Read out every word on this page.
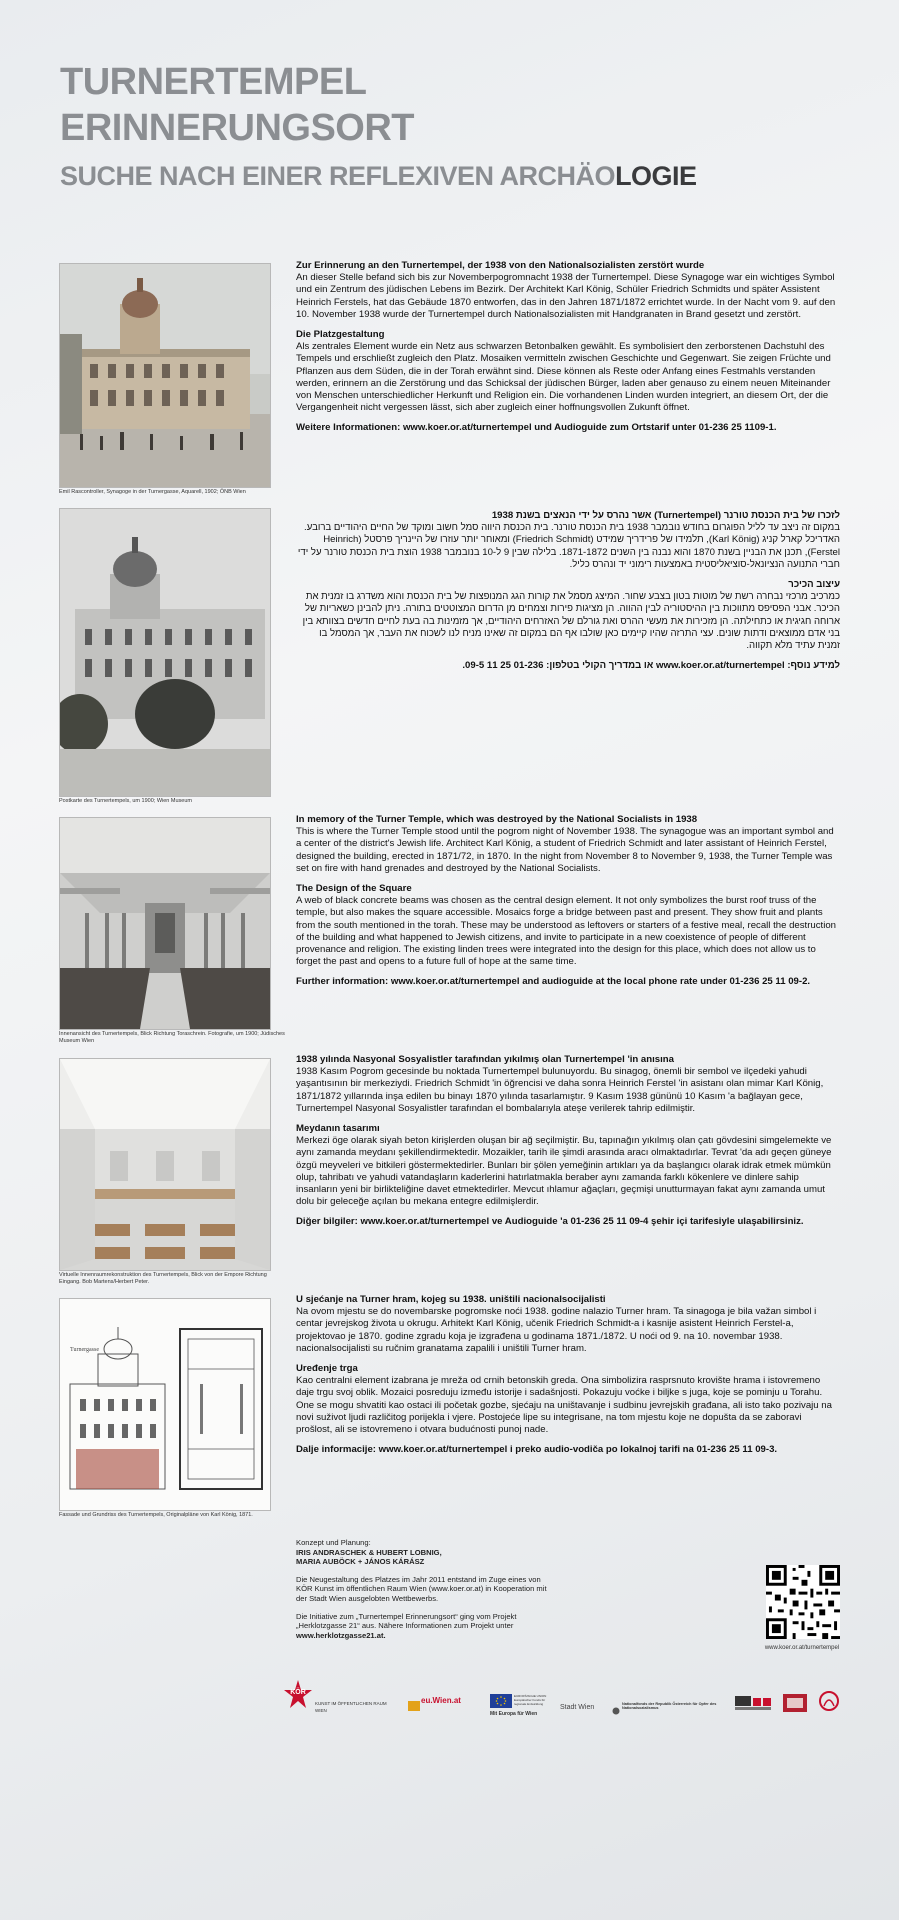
TURNERTEMPEL
ERINNERUNGSORT
SUCHE NACH EINER REFLEXIVEN ARCHÄOLOGIE
Emil Rascontroller, Synagoge in der Turnergasse, Aquarell, 1902; ÖNB Wien
Postkarte des Turnertempels, um 1900; Wien Museum
Innenansicht des Turnertempels, Blick Richtung Toraschrein. Fotografie, um 1900; Jüdisches Museum Wien
Virtuelle Innenraumrekonstruktion des Turnertempels, Blick von der Empore Richtung Eingang. Bob Martens/Herbert Peter.
Turnergasse
Fassade und Grundriss des Turnertempels, Originalpläne von Karl König, 1871.
Zur Erinnerung an den Turnertempel, der 1938 von den Nationalsozialisten zerstört wurde
An dieser Stelle befand sich bis zur Novemberpogromnacht 1938 der Turnertempel. Diese Synagoge war ein wichtiges Symbol und ein Zentrum des jüdischen Lebens im Bezirk. Der Architekt Karl König, Schüler Friedrich Schmidts und später Assistent Heinrich Ferstels, hat das Gebäude 1870 entworfen, das in den Jahren 1871/1872 errichtet wurde. In der Nacht vom 9. auf den 10. November 1938 wurde der Turnertempel durch Nationalsozialisten mit Handgranaten in Brand gesetzt und zerstört.
Die Platzgestaltung
Als zentrales Element wurde ein Netz aus schwarzen Betonbalken gewählt. Es symbolisiert den zerborstenen Dachstuhl des Tempels und erschließt zugleich den Platz. Mosaiken vermitteln zwischen Geschichte und Gegenwart. Sie zeigen Früchte und Pflanzen aus dem Süden, die in der Torah erwähnt sind. Diese können als Reste oder Anfang eines Festmahls verstanden werden, erinnern an die Zerstörung und das Schicksal der jüdischen Bürger, laden aber genauso zu einem neuen Miteinander von Menschen unterschiedlicher Herkunft und Religion ein. Die vorhandenen Linden wurden integriert, an diesem Ort, der die Vergangenheit nicht vergessen lässt, sich aber zugleich einer hoffnungsvollen Zukunft öffnet.
Weitere Informationen: www.koer.or.at/turnertempel und Audioguide zum Ortstarif unter 01-236 25 1109-1.
לזכרו של בית הכנסת טורנר (Turnertempel) אשר נהרס על ידי הנאצים בשנת 1938
במקום זה ניצב עד לליל הפוגרום בחודש נובמבר 1938 בית הכנסת טורנר. בית הכנסת היווה סמל חשוב ומוקד של החיים היהודיים ברובע. האדריכל קארל קניג (Karl König), תלמידו של פרידריך שמידט (Friedrich Schmidt) ומאוחר יותר עוזרו של היינריך פרסטל (Heinrich Ferstel), תכנן את הבניין בשנת 1870 והוא נבנה בין השנים 1871-1872. בלילה שבין 9 ל-10 בנובמבר 1938 הוצת בית הכנסת טורנר על ידי חברי התנועה הנציונאל-סוציאליסטית באמצעות רימוני יד ונהרס כליל.
עיצוב הכיכר
כמרכיב מרכזי נבחרה רשת של מוטות בטון בצבע שחור. המיצג מסמל את קורות הגג המנופצות של בית הכנסת והוא משדרג בו זמנית את הכיכר. אבני הפסיפס מתווכות בין ההיסטוריה לבין ההווה. הן מציגות פירות וצמחים מן הדרום המצוטטים בתורה. ניתן להבינן כשאריות של ארוחה חגיגית או כתחילתה. הן מזכירות את מעשי ההרס ואת גורלם של האזרחים היהודיים, אך מזמינות בה בעת לחיים חדשים בצוותא בין בני אדם ממוצאים ודתות שונים. עצי התרזה שהיו קיימים כאן שולבו אף הם במקום זה שאינו מניח לנו לשכוח את העבר, אך המסמל בו זמנית עתיד מלא תקווה.
למידע נוסף: www.koer.or.at/turnertempel או במדריך הקולי בטלפון: 01-236 25 11 09-5.
In memory of the Turner Temple, which was destroyed by the National Socialists in 1938
This is where the Turner Temple stood until the pogrom night of November 1938. The synagogue was an important symbol and a center of the district's Jewish life. Architect Karl König, a student of Friedrich Schmidt and later assistant of Heinrich Ferstel, designed the building, erected in 1871/72, in 1870. In the night from November 8 to November 9, 1938, the Turner Temple was set on fire with hand grenades and destroyed by the National Socialists.
The Design of the Square
A web of black concrete beams was chosen as the central design element. It not only symbolizes the burst roof truss of the temple, but also makes the square accessible. Mosaics forge a bridge between past and present. They show fruit and plants from the south mentioned in the torah. These may be understood as leftovers or starters of a festive meal, recall the destruction of the building and what happened to Jewish citizens, and invite to participate in a new coexistence of people of different provenance and religion. The existing linden trees were integrated into the design for this place, which does not allow us to forget the past and opens to a future full of hope at the same time.
Further information: www.koer.or.at/turnertempel and audioguide at the local phone rate under 01-236 25 11 09-2.
1938 yılında Nasyonal Sosyalistler tarafından yıkılmış olan Turnertempel 'in anısına
1938 Kasım Pogrom gecesinde bu noktada Turnertempel bulunuyordu. Bu sinagog, önemli bir sembol ve ilçedeki yahudi yaşantısının bir merkeziydi. Friedrich Schmidt 'in öğrencisi ve daha sonra Heinrich Ferstel 'in asistanı olan mimar Karl König, 1871/1872 yıllarında inşa edilen bu binayı 1870 yılında tasarlamıştır. 9 Kasım 1938 gününü 10 Kasım 'a bağlayan gece, Turnertempel Nasyonal Sosyalistler tarafından el bombalarıyla ateşe verilerek tahrip edilmiştir.
Meydanın tasarımı
Merkezi öge olarak siyah beton kirişlerden oluşan bir ağ seçilmiştir. Bu, tapınağın yıkılmış olan çatı gövdesini simgelemekte ve aynı zamanda meydanı şekillendirmektedir. Mozaikler, tarih ile şimdi arasında aracı olmaktadırlar. Tevrat 'da adı geçen güneye özgü meyveleri ve bitkileri göstermektedirler. Bunları bir şölen yemeğinin artıkları ya da başlangıcı olarak idrak etmek mümkün olup, tahribatı ve yahudi vatandaşların kaderlerini hatırlatmakla beraber aynı zamanda farklı kökenlere ve dinlere sahip insanların yeni bir birlikteliğine davet etmektedirler. Mevcut ıhlamur ağaçları, geçmişi unutturmayan fakat aynı zamanda umut dolu bir geleceğe açılan bu mekana entegre edilmişlerdir.
Diğer bilgiler: www.koer.or.at/turnertempel ve Audioguide 'a 01-236 25 11 09-4 şehir içi tarifesiyle ulaşabilirsiniz.
U sjećanje na Turner hram, kojeg su 1938. uništili nacionalsocijalisti
Na ovom mjestu se do novembarske pogromske noći 1938. godine nalazio Turner hram. Ta sinagoga je bila važan simbol i centar jevrejskog života u okrugu. Arhitekt Karl König, učenik Friedrich Schmidt-a i kasnije asistent Heinrich Ferstel-a, projektovao je 1870. godine zgradu koja je izgrađena u godinama 1871./1872. U noći od 9. na 10. novembar 1938. nacionalsocijalisti su ručnim granatama zapalili i uništili Turner hram.
Uređenje trga
Kao centralni element izabrana je mreža od crnih betonskih greda. Ona simbolizira rasprsnuto krovište hrama i istovremeno daje trgu svoj oblik. Mozaici posreduju između istorije i sadašnjosti. Pokazuju voćke i biljke s juga, koje se pominju u Torahu. One se mogu shvatiti kao ostaci ili početak gozbe, sjećaju na uništavanje i sudbinu jevrejskih građana, ali isto tako pozivaju na novi suživot ljudi različitog porijekla i vjere. Postojeće lipe su integrisane, na tom mjestu koje ne dopušta da se zaboravi prošlost, ali se istovremeno i otvara budućnosti punoj nade.
Dalje informacije: www.koer.or.at/turnertempel i preko audio-vodiča po lokalnoj tarifi na 01-236 25 11 09-3.
Konzept und Planung:
IRIS ANDRASCHEK & HUBERT LOBNIG,
MARIA AUBÖCK + JÁNOS KÁRÁSZ
Die Neugestaltung des Platzes im Jahr 2011 entstand im Zuge eines von KÖR Kunst im öffentlichen Raum Wien (www.koer.or.at) in Kooperation mit der Stadt Wien ausgelobten Wettbewerbs.
Die Initiative zum „Turnertempel Erinnerungsort“ ging vom Projekt „Herklotzgasse 21“ aus. Nähere Informationen zum Projekt unter
www.herklotzgasse21.at.
www.koer.or.at/turnertempel
KÖR
KUNST IM ÖFFENTLICHEN RAUM WIEN
eu.Wien.at	EUROPÄISCHE UNION Europäischer Fonds für regionale Entwicklung
Mit Europa für Wien
Stadt Wien	Nationalfonds der Republik Österreich für Opfer des Nationalsozialismus
